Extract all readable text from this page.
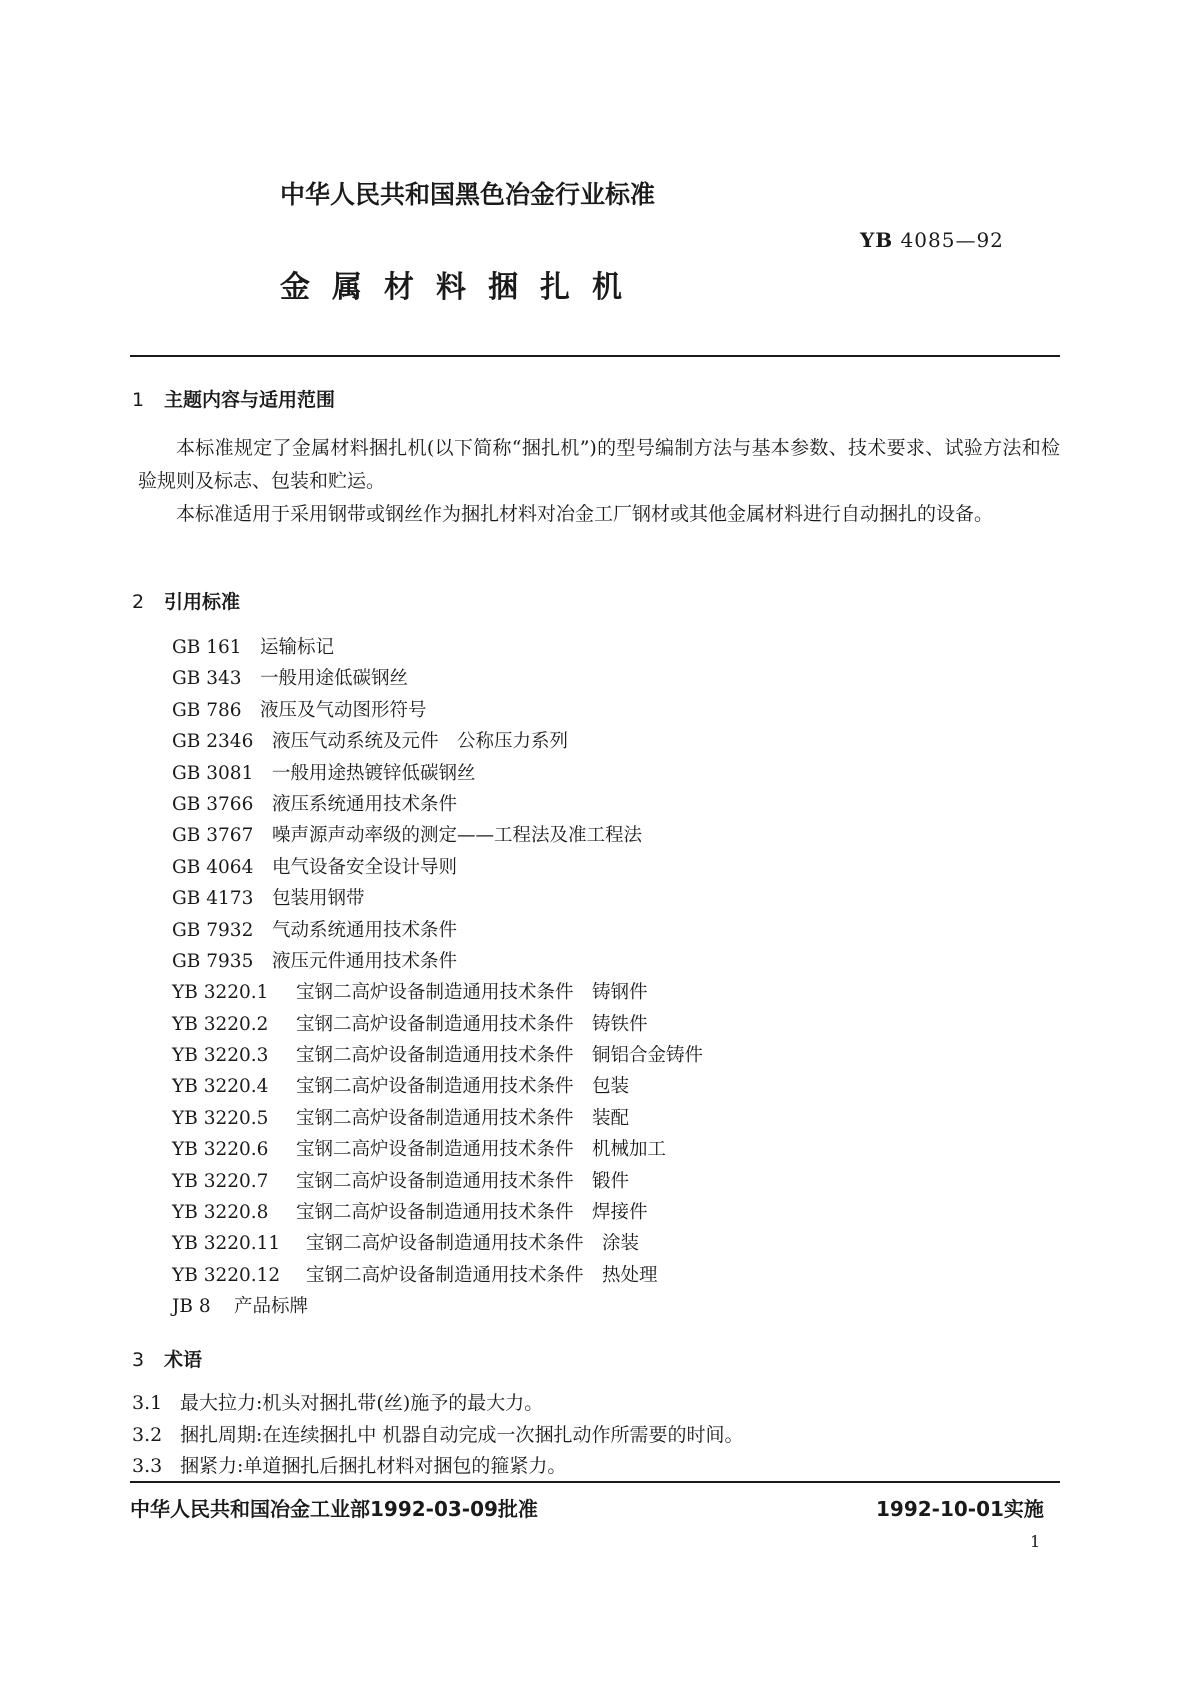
中华人民共和国黑色冶金行业标准
YB 4085—92
金属材料捆扎机
1 主题内容与适用范围
本标准规定了金属材料捆扎机(以下简称“捆扎机”)的型号编制方法与基本参数、技术要求、试验方法和检验规则及标志、包装和贮运。
本标准适用于采用钢带或钢丝作为捆扎材料对冶金工厂钢材或其他金属材料进行自动捆扎的设备。
2 引用标准
GB 161 运输标记
GB 343 一般用途低碳钢丝
GB 786 液压及气动图形符号
GB 2346 液压气动系统及元件　公称压力系列
GB 3081 一般用途热镀锌低碳钢丝
GB 3766 液压系统通用技术条件
GB 3767 噪声源声动率级的测定——工程法及准工程法
GB 4064 电气设备安全设计导则
GB 4173 包装用钢带
GB 7932 气动系统通用技术条件
GB 7935 液压元件通用技术条件
YB 3220.1 宝钢二高炉设备制造通用技术条件　铸钢件
YB 3220.2 宝钢二高炉设备制造通用技术条件　铸铁件
YB 3220.3 宝钢二高炉设备制造通用技术条件　铜铝合金铸件
YB 3220.4 宝钢二高炉设备制造通用技术条件　包装
YB 3220.5 宝钢二高炉设备制造通用技术条件　装配
YB 3220.6 宝钢二高炉设备制造通用技术条件　机械加工
YB 3220.7 宝钢二高炉设备制造通用技术条件　锻件
YB 3220.8 宝钢二高炉设备制造通用技术条件　焊接件
YB 3220.11 宝钢二高炉设备制造通用技术条件　涂装
YB 3220.12 宝钢二高炉设备制造通用技术条件　热处理
JB 8 产品标牌
3 术语
3.1 最大拉力:机头对捆扎带(丝)施予的最大力。
3.2 捆扎周期:在连续捆扎中 机器自动完成一次捆扎动作所需要的时间。
3.3 捆紧力:单道捆扎后捆扎材料对捆包的箍紧力。
中华人民共和国冶金工业部1992-03-09批准	1992-10-01实施
1
